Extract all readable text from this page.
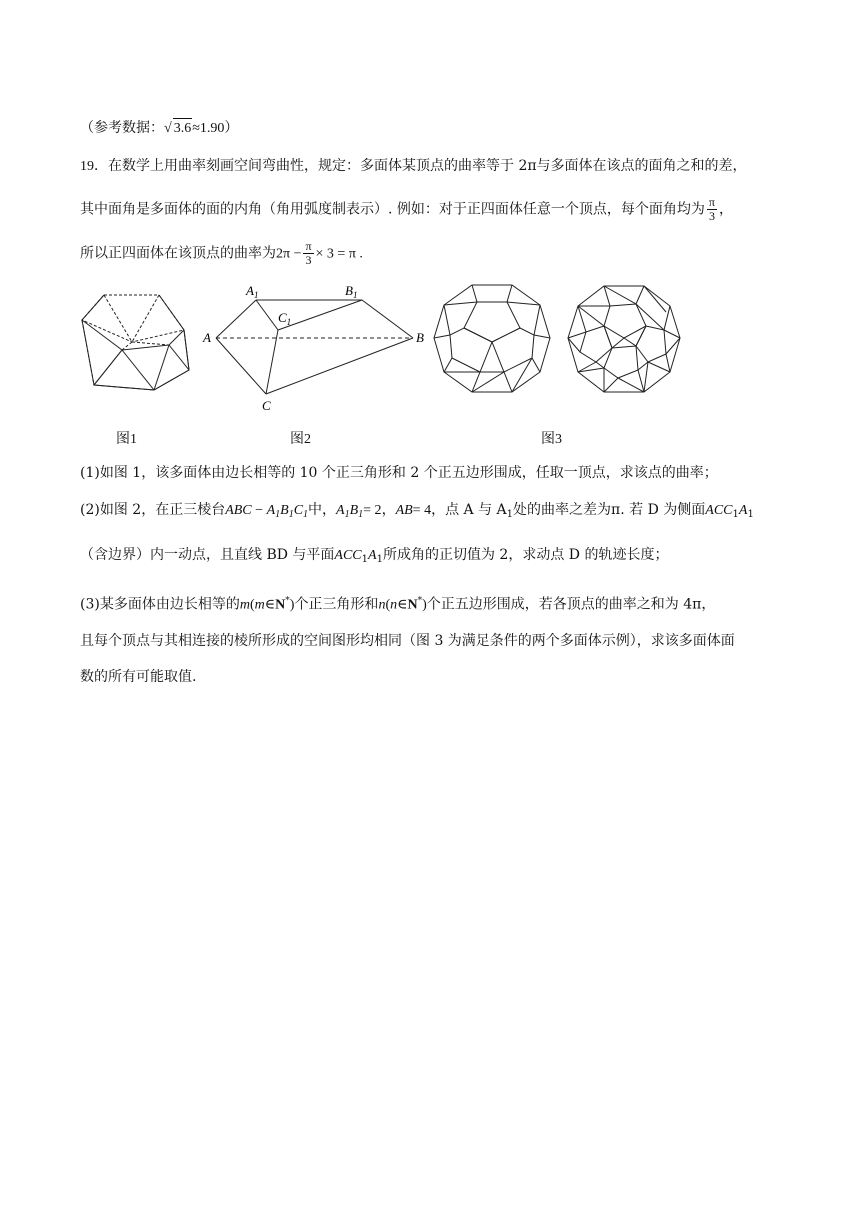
（参考数据：√ 3.6≈1.90）
19．在数学上用曲率刻画空间弯曲性，规定：多面体某顶点的曲率等于 2π与多面体在该点的面角之和的差，
其中面角是多面体的面的内角（角用弧度制表示）. 例如：对于正四面体任意一个顶点，每个面角均为 $\frac{\pi}{3}$ ，
所以正四面体在该顶点的曲率为$2\pi - \frac{\pi}{3} \times 3 = \pi$ .
图1
$A_1$	$B_1$
$C_1$
A	B
C
图2	图3
(1)如图 1，该多面体由边长相等的 10 个正三角形和 2 个正五边形围成，任取一顶点，求该点的曲率；
(2)如图 2，在正三棱台ABC − $A_1B_1C_1$中，$A_1B_1= 2$，AB= 4，点 A 与 $A_1$处的曲率之差为π. 若 D 为侧面$ACC_1A_1$
（含边界）内一动点，且直线 BD 与平面$ACC_1A_1$所成角的正切值为 2，求动点 D 的轨迹长度；
(3)某多面体由边长相等的m(m∈N*)个正三角形和n(n∈N*)个正五边形围成，若各顶点的曲率之和为 4π，
且每个顶点与其相连接的棱所形成的空间图形均相同（图 3 为满足条件的两个多面体示例），求该多面体面
数的所有可能取值.
